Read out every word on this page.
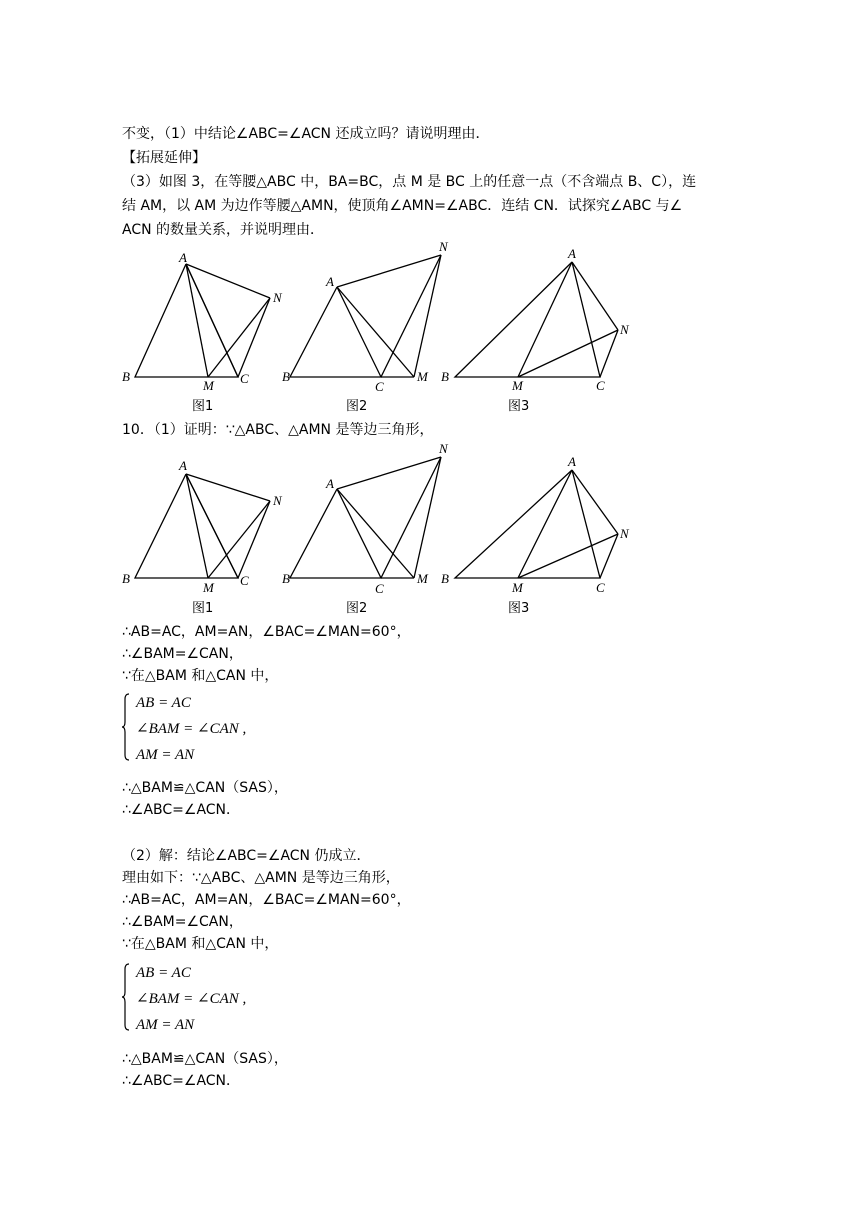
不变，（1）中结论∠ABC=∠ACN 还成立吗？请说明理由．
【拓展延伸】
（3）如图 3，在等腰△ABC 中，BA=BC，点 M 是 BC 上的任意一点（不含端点 B、C），连
结 AM，以 AM 为边作等腰△AMN，使顶角∠AMN=∠ABC．连结 CN．试探究∠ABC 与∠
ACN 的数量关系，并说明理由．
A
B
M C
N
A
B
C
M
N	A
B
M	C
N
图1	图2	图3
10．（1）证明：∵△ABC、△AMN 是等边三角形，
A
B
M C
N
A
B
C
M
N
A
B
M	C
N
图1	图2	图3
∴AB=AC，AM=AN，∠BAC=∠MAN=60°，
∴∠BAM=∠CAN，
∵在△BAM 和△CAN 中，
AB = AC
∠BAM = ∠CAN ,
AM = AN
∴△BAM≌△CAN（SAS），
∴∠ABC=∠ACN．
（2）解：结论∠ABC=∠ACN 仍成立．
理由如下：∵△ABC、△AMN 是等边三角形，
∴AB=AC，AM=AN，∠BAC=∠MAN=60°，
∴∠BAM=∠CAN，
∵在△BAM 和△CAN 中，
AB = AC
∠BAM = ∠CAN ,
AM = AN
∴△BAM≌△CAN（SAS），
∴∠ABC=∠ACN．
